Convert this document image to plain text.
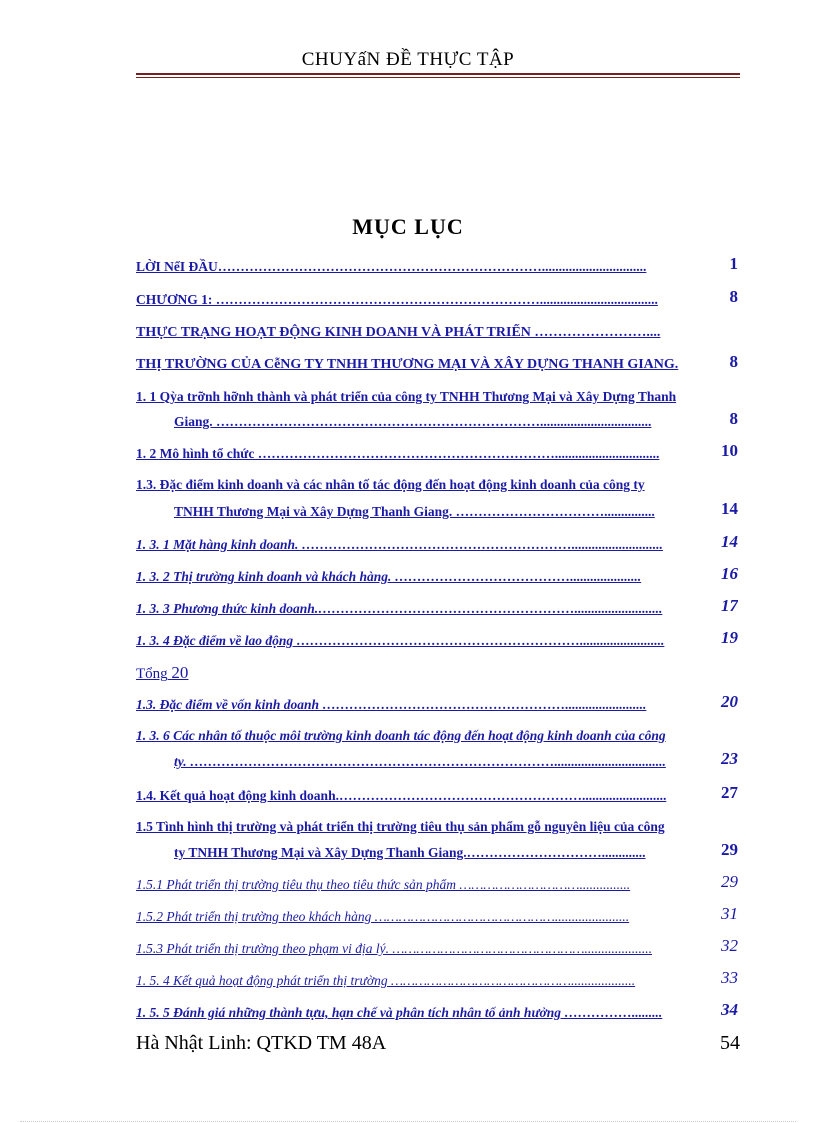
CHUYấN ĐỀ THỰC TẬP
MỤC LỤC
LỜI NểI ĐẦU………………………………………………………………...............................	1
CHƯƠNG 1: ………………………………………………………………...................................	8
THỰC TRẠNG HOẠT ĐỘNG KINH DOANH VÀ PHÁT TRIỂN ……………………....
THỊ TRƯỜNG CỦA CễNG TY TNHH THƯƠNG MẠI VÀ XÂY DỰNG THANH GIANG.	8
1. 1 Qỳa trỡnh hỡnh thành và phát triển của công ty TNHH Thương Mại và Xây Dựng Thanh
Giang. ……………………………………………………………….................................	8
1. 2 Mô hình tổ chức …………………………………………………………...............................	10
1.3. Đặc điểm kinh doanh và các nhân tố tác động đến hoạt động kinh doanh của công ty
TNHH Thương Mại và Xây Dựng Thanh Giang. ……………………………...............	14
1. 3. 1 Mặt hàng kinh doanh. ……………………………………………………...........................	14
1. 3. 2 Thị trường kinh doanh và khách hàng. ………………………………….....................	16
1. 3. 3 Phương thức kinh doanh.…………………………………………………..........................	17
1. 3. 4 Đặc điểm về lao động ……………………………………………………….........................	19
Tổng 20
1.3. Đặc điểm về vốn kinh doanh ………………………………………………........................	20
1. 3. 6 Các nhân tố thuộc môi trường kinh doanh tác động đến hoạt động kinh doanh của công
ty. ……………………………………………………………………….................................	23
1.4. Kết quả hoạt động kinh doanh.……………………………………………….........................	27
1.5 Tình hình thị trường và phát triển thị trường tiêu thụ sản phẩm gỗ nguyên liệu của công
ty TNHH Thương Mại và Xây Dựng Thanh Giang.………………………….............	29
1.5.1 Phát triển thị trường tiêu thụ theo tiêu thức sản phẩm …………………………...............	29
1.5.2 Phát triển thị trường theo khách hàng ………………………………………......................	31
1.5.3 Phát triển thị trường theo phạm vi địa lý. …………………………………………....................	32
1. 5. 4 Kết quả hoạt động phát triển thị trường ………………………………………...................	33
1. 5. 5 Đánh giá những thành tựu, hạn chế và phân tích nhân tố ảnh hưởng …………….........	34
Hà Nhật Linh: QTKD TM 48A	54
